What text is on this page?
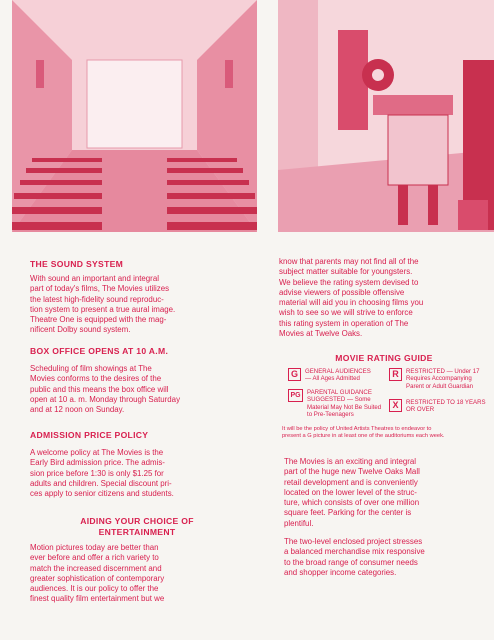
THE SOUND SYSTEM

With sound an important and integral
part of today's films, The Movies utilizes
the latest high-fidelity sound reproduc-
tion system to present a true aural image.
Theatre One is equipped with the mag-
nificent Dolby sound system.

BOX OFFICE OPENS AT 10 A.M.

Scheduling of film showings at The
Movies conforms to the desires of the
public and this means the box office will
open at 10 a. m. Monday through Saturday
and at 12 noon on Sunday.

ADMISSION PRICE POLICY

A welcome policy at The Movies is the
Early Bird admission price. The admis-
sion price before 1:30 is only $1.25 for
adults and children. Special discount pri-
ces apply to senior citizens and students.

AIDING YOUR CHOICE OF
ENTERTAINMENT

Motion pictures today are better than
ever before and offer a rich variety to
match the increased discernment and
greater sophistication of contemporary
audiences. It is our policy to offer the
finest quality film entertainment but we

know that parents may not find all of the
subject matter suitable for youngsters.
We believe the rating system devised to
advise viewers of possible offensive
material will aid you in choosing films you
wish to see so we will strive to enforce
this rating system in operation of The
Movies at Twelve Oaks.

MOVIE RATING GUIDE
G	GENERAL AUDIENCES
— All Ages Admitted	R	RESTRICTED — Under 17
Requires Accompanying
Parent or Adult Guardian
PG	PARENTAL GUIDANCE
SUGGESTED — Some
Material May Not Be Suited
to Pre-Teenagers
X	RESTRICTED TO 18 YEARS
OR OVER
It will be the policy of United Artists Theatres to endeavor to
present a G picture in at least one of the auditoriums each week.

The Movies is an exciting and integral
part of the huge new Twelve Oaks Mall
retail development and is conveniently
located on the lower level of the struc-
ture, which consists of over one million
square feet. Parking for the center is
plentiful.

The two-level enclosed project stresses
a balanced merchandise mix responsive
to the broad range of consumer needs
and shopper income categories.
